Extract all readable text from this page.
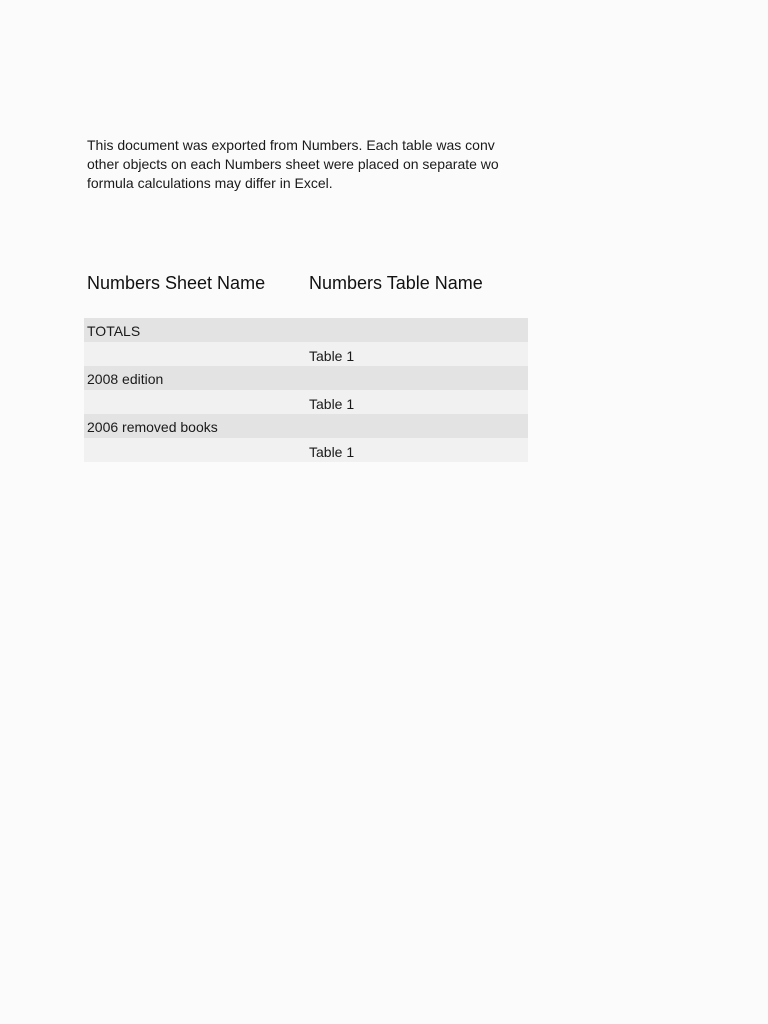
This document was exported from Numbers. Each table was conv
other objects on each Numbers sheet were placed on separate wo
formula calculations may differ in Excel.
Numbers Sheet Name Numbers Table Name
TOTALS
Table 1
2008 edition
Table 1
2006 removed books
Table 1
